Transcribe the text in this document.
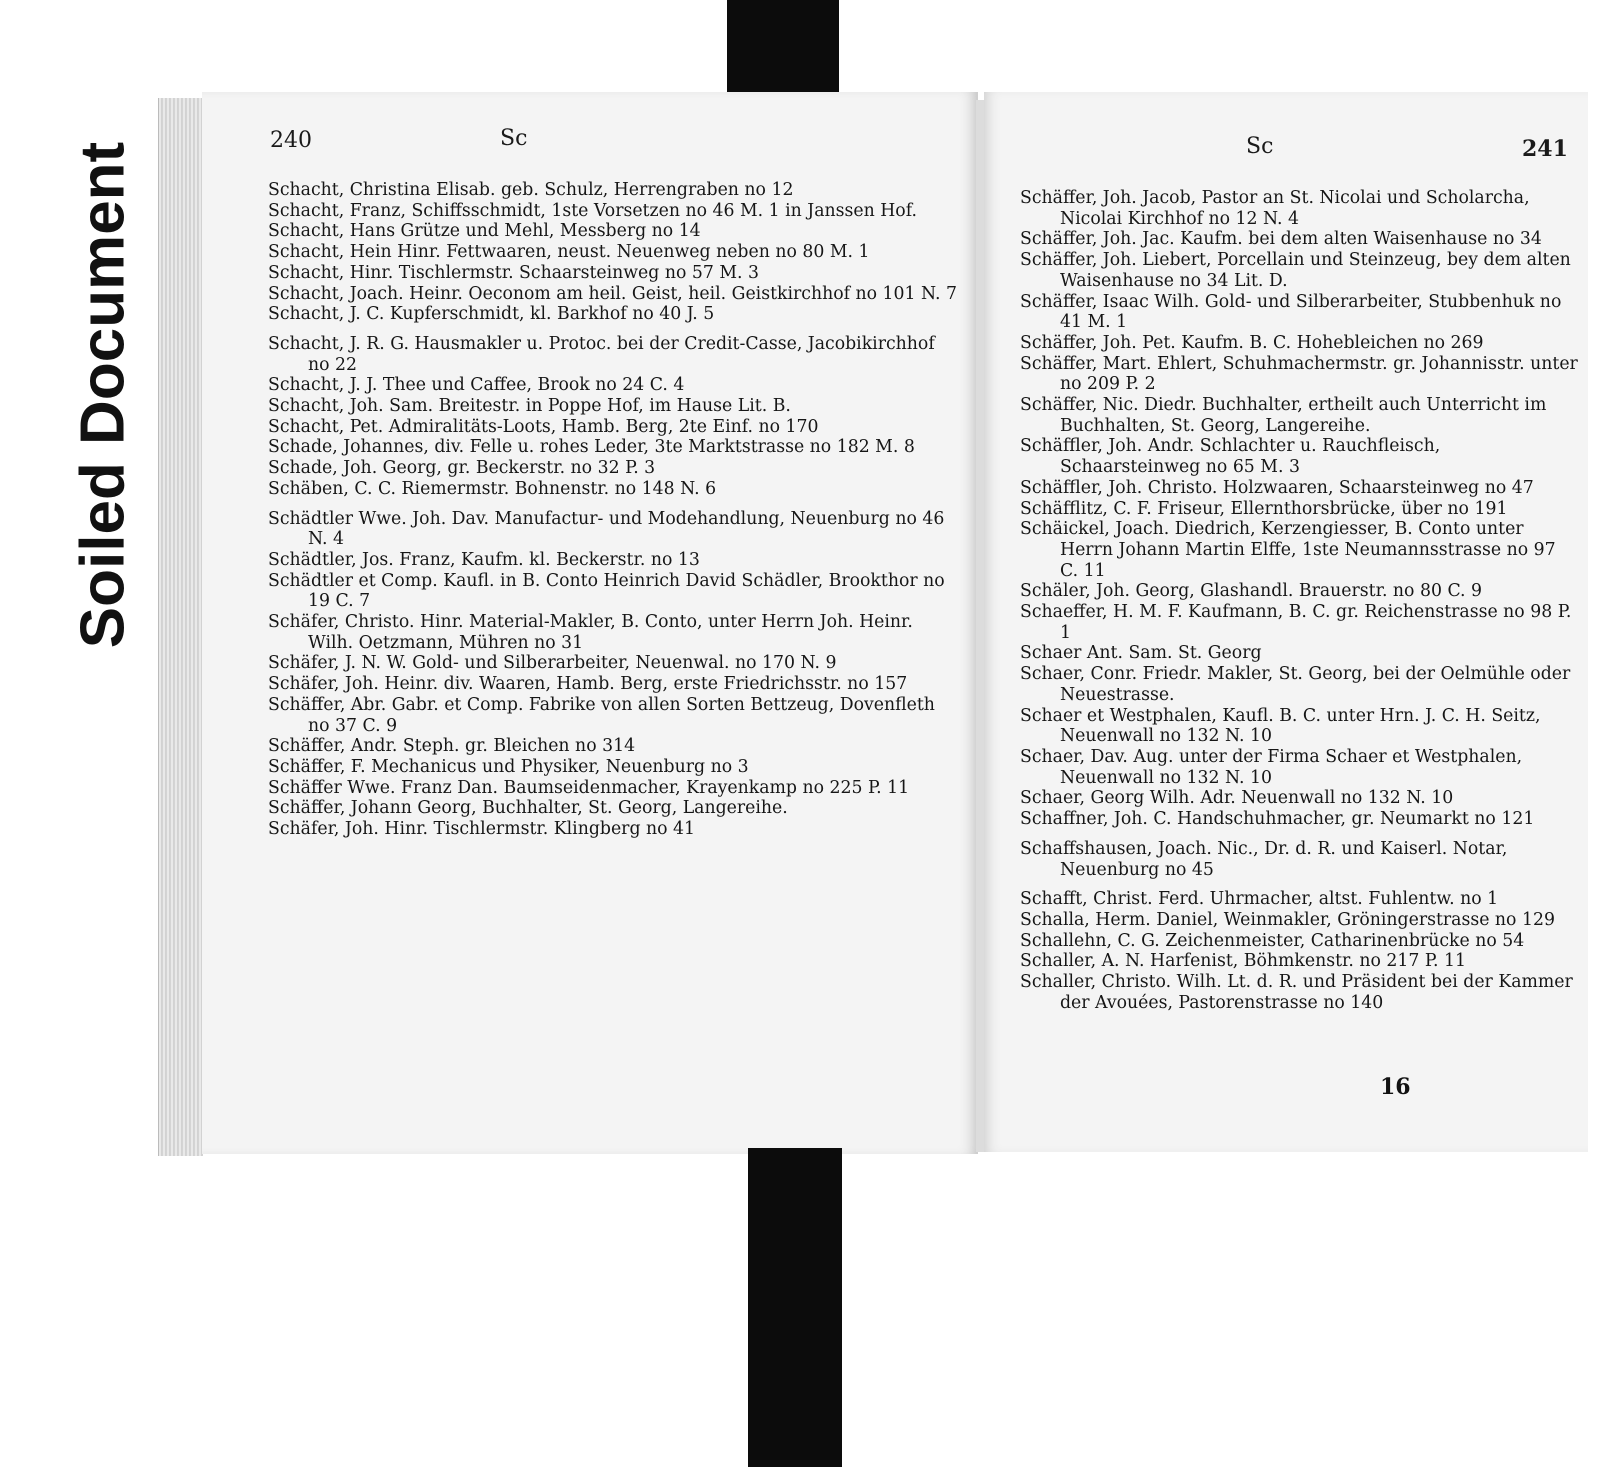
Soiled Document
240	Sc
Schacht, Christina Elisab. geb. Schulz, Herrengraben no 12
Schacht, Franz, Schiffsschmidt, 1ste Vorsetzen no 46 M. 1 in Janssen Hof.
Schacht, Hans Grütze und Mehl, Messberg no 14
Schacht, Hein Hinr. Fettwaaren, neust. Neuenweg neben no 80 M. 1
Schacht, Hinr. Tischlermstr. Schaarsteinweg no 57 M. 3
Schacht, Joach. Heinr. Oeconom am heil. Geist, heil. Geistkirchhof no 101 N. 7
Schacht, J. C. Kupferschmidt, kl. Barkhof no 40 J. 5
Schacht, J. R. G. Hausmakler u. Protoc. bei der Credit-Casse, Jacobikirchhof no 22
Schacht, J. J. Thee und Caffee, Brook no 24 C. 4
Schacht, Joh. Sam. Breitestr. in Poppe Hof, im Hause Lit. B.
Schacht, Pet. Admiralitäts-Loots, Hamb. Berg, 2te Einf. no 170
Schade, Johannes, div. Felle u. rohes Leder, 3te Marktstrasse no 182 M. 8
Schade, Joh. Georg, gr. Beckerstr. no 32 P. 3
Schäben, C. C. Riemermstr. Bohnenstr. no 148 N. 6
Schädtler Wwe. Joh. Dav. Manufactur- und Modehandlung, Neuenburg no 46 N. 4
Schädtler, Jos. Franz, Kaufm. kl. Beckerstr. no 13
Schädtler et Comp. Kaufl. in B. Conto Heinrich David Schädler, Brookthor no 19 C. 7
Schäfer, Christo. Hinr. Material-Makler, B. Conto, unter Herrn Joh. Heinr. Wilh. Oetzmann, Mühren no 31
Schäfer, J. N. W. Gold- und Silberarbeiter, Neuenwal. no 170 N. 9
Schäfer, Joh. Heinr. div. Waaren, Hamb. Berg, erste Friedrichsstr. no 157
Schäffer, Abr. Gabr. et Comp. Fabrike von allen Sorten Bettzeug, Dovenfleth no 37 C. 9
Schäffer, Andr. Steph. gr. Bleichen no 314
Schäffer, F. Mechanicus und Physiker, Neuenburg no 3
Schäffer Wwe. Franz Dan. Baumseidenmacher, Krayenkamp no 225 P. 11
Schäffer, Johann Georg, Buchhalter, St. Georg, Langereihe.
Schäfer, Joh. Hinr. Tischlermstr. Klingberg no 41
Sc	241
Schäffer, Joh. Jacob, Pastor an St. Nicolai und Scholarcha, Nicolai Kirchhof no 12 N. 4
Schäffer, Joh. Jac. Kaufm. bei dem alten Waisenhause no 34
Schäffer, Joh. Liebert, Porcellain und Steinzeug, bey dem alten Waisenhause no 34 Lit. D.
Schäffer, Isaac Wilh. Gold- und Silberarbeiter, Stubbenhuk no 41 M. 1
Schäffer, Joh. Pet. Kaufm. B. C. Hohebleichen no 269
Schäffer, Mart. Ehlert, Schuhmachermstr. gr. Johannisstr. unter no 209 P. 2
Schäffer, Nic. Diedr. Buchhalter, ertheilt auch Unterricht im Buchhalten, St. Georg, Langereihe.
Schäffler, Joh. Andr. Schlachter u. Rauchfleisch, Schaarsteinweg no 65 M. 3
Schäffler, Joh. Christo. Holzwaaren, Schaarsteinweg no 47
Schäfflitz, C. F. Friseur, Ellernthorsbrücke, über no 191
Schäickel, Joach. Diedrich, Kerzengiesser, B. Conto unter Herrn Johann Martin Elffe, 1ste Neumannsstrasse no 97 C. 11
Schäler, Joh. Georg, Glashandl. Brauerstr. no 80 C. 9
Schaeffer, H. M. F. Kaufmann, B. C. gr. Reichenstrasse no 98 P. 1
Schaer Ant. Sam. St. Georg
Schaer, Conr. Friedr. Makler, St. Georg, bei der Oelmühle oder Neuestrasse.
Schaer et Westphalen, Kaufl. B. C. unter Hrn. J. C. H. Seitz, Neuenwall no 132 N. 10
Schaer, Dav. Aug. unter der Firma Schaer et Westphalen, Neuenwall no 132 N. 10
Schaer, Georg Wilh. Adr. Neuenwall no 132 N. 10
Schaffner, Joh. C. Handschuhmacher, gr. Neumarkt no 121
Schaffshausen, Joach. Nic., Dr. d. R. und Kaiserl. Notar, Neuenburg no 45
Schafft, Christ. Ferd. Uhrmacher, altst. Fuhlentw. no 1
Schalla, Herm. Daniel, Weinmakler, Gröningerstrasse no 129
Schallehn, C. G. Zeichenmeister, Catharinenbrücke no 54
Schaller, A. N. Harfenist, Böhmkenstr. no 217 P. 11
Schaller, Christo. Wilh. Lt. d. R. und Präsident bei der Kammer der Avouées, Pastorenstrasse no 140
16
